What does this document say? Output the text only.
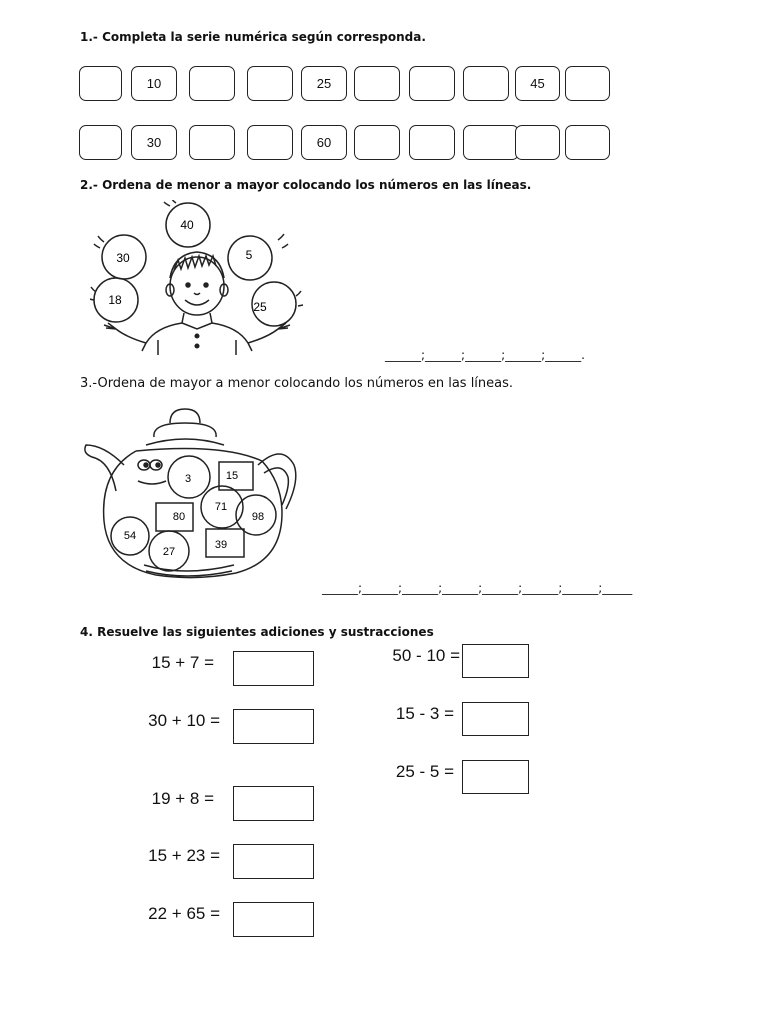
1.- Completa la serie numérica según corresponda.
10	25	45
30	60
2.- Ordena de menor a mayor colocando los números en las líneas.
40
30	5
18	25
______;______;______;______;______.
3.-Ordena de mayor a menor colocando los números en las líneas.
3	15
71
80	98
54
27
39
______;______;______;______;______;______;______;_____
4. Resuelve las siguientes adiciones y sustracciones
15 + 7 =
30 + 10 =
19 + 8 =
15 + 23 =
22 + 65 =
50 - 10 =
15 - 3 =
25 - 5 =
